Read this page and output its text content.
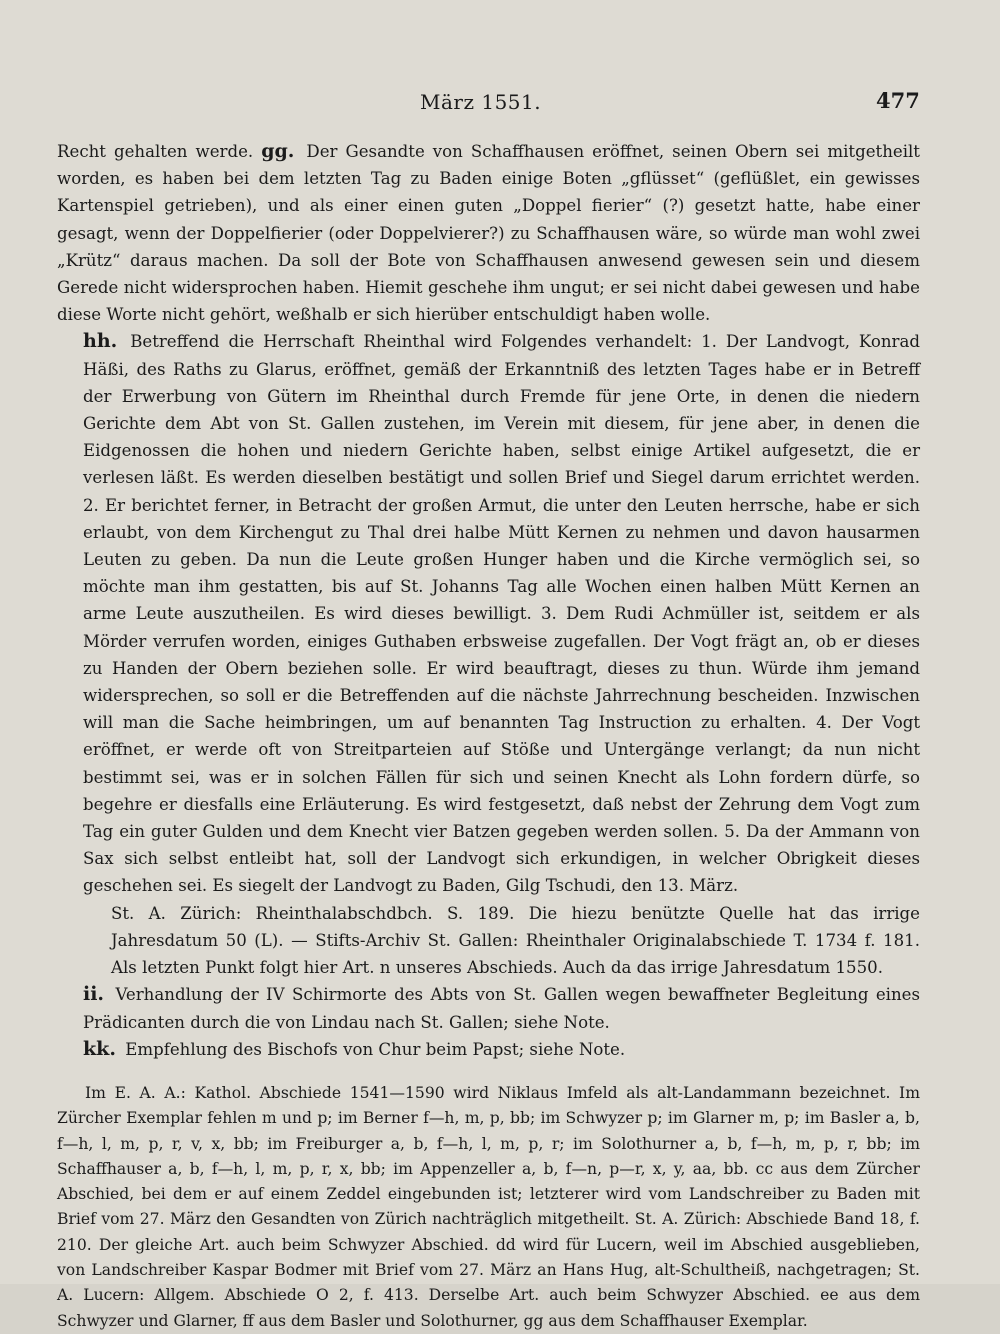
März 1551.	477

Recht gehalten werde. gg. Der Gesandte von Schaffhausen eröffnet, seinen Obern sei mitgetheilt worden, es haben bei dem letzten Tag zu Baden einige Boten „gflüsset“ (geflüßlet, ein gewisses Kartenspiel getrieben), und als einer einen guten „Doppel fierier“ (?) gesetzt hatte, habe einer gesagt, wenn der Doppelfierier (oder Doppelvierer?) zu Schaffhausen wäre, so würde man wohl zwei „Krütz“ daraus machen. Da soll der Bote von Schaffhausen anwesend gewesen sein und diesem Gerede nicht widersprochen haben. Hiemit geschehe ihm ungut; er sei nicht dabei gewesen und habe diese Worte nicht gehört, weßhalb er sich hierüber entschuldigt haben wolle.

hh. Betreffend die Herrschaft Rheinthal wird Folgendes verhandelt: 1. Der Landvogt, Konrad Häßi, des Raths zu Glarus, eröffnet, gemäß der Erkanntniß des letzten Tages habe er in Betreff der Erwerbung von Gütern im Rheinthal durch Fremde für jene Orte, in denen die niedern Gerichte dem Abt von St. Gallen zustehen, im Verein mit diesem, für jene aber, in denen die Eidgenossen die hohen und niedern Gerichte haben, selbst einige Artikel aufgesetzt, die er verlesen läßt. Es werden dieselben bestätigt und sollen Brief und Siegel darum errichtet werden. 2. Er berichtet ferner, in Betracht der großen Armut, die unter den Leuten herrsche, habe er sich erlaubt, von dem Kirchengut zu Thal drei halbe Mütt Kernen zu nehmen und davon hausarmen Leuten zu geben. Da nun die Leute großen Hunger haben und die Kirche vermöglich sei, so möchte man ihm gestatten, bis auf St. Johanns Tag alle Wochen einen halben Mütt Kernen an arme Leute auszutheilen. Es wird dieses bewilligt. 3. Dem Rudi Achmüller ist, seitdem er als Mörder verrufen worden, einiges Guthaben erbsweise zugefallen. Der Vogt frägt an, ob er dieses zu Handen der Obern beziehen solle. Er wird beauftragt, dieses zu thun. Würde ihm jemand widersprechen, so soll er die Betreffenden auf die nächste Jahrrechnung bescheiden. Inzwischen will man die Sache heimbringen, um auf benannten Tag Instruction zu erhalten. 4. Der Vogt eröffnet, er werde oft von Streitparteien auf Stöße und Untergänge verlangt; da nun nicht bestimmt sei, was er in solchen Fällen für sich und seinen Knecht als Lohn fordern dürfe, so begehre er diesfalls eine Erläuterung. Es wird festgesetzt, daß nebst der Zehrung dem Vogt zum Tag ein guter Gulden und dem Knecht vier Batzen gegeben werden sollen. 5. Da der Ammann von Sax sich selbst entleibt hat, soll der Landvogt sich erkundigen, in welcher Obrigkeit dieses geschehen sei. Es siegelt der Landvogt zu Baden, Gilg Tschudi, den 13. März.

St. A. Zürich: Rheinthalabschdbch. S. 189. Die hiezu benützte Quelle hat das irrige Jahresdatum 50 (L). — Stifts-Archiv St. Gallen: Rheinthaler Originalabschiede T. 1734 f. 181. Als letzten Punkt folgt hier Art. n unseres Abschieds. Auch da das irrige Jahresdatum 1550.

ii. Verhandlung der IV Schirmorte des Abts von St. Gallen wegen bewaffneter Begleitung eines Prädicanten durch die von Lindau nach St. Gallen; siehe Note.

kk. Empfehlung des Bischofs von Chur beim Papst; siehe Note.

Im E. A. A.: Kathol. Abschiede 1541—1590 wird Niklaus Imfeld als alt-Landammann bezeichnet. Im Zürcher Exemplar fehlen m und p; im Berner f—h, m, p, bb; im Schwyzer p; im Glarner m, p; im Basler a, b, f—h, l, m, p, r, v, x, bb; im Freiburger a, b, f—h, l, m, p, r; im Solothurner a, b, f—h, m, p, r, bb; im Schaffhauser a, b, f—h, l, m, p, r, x, bb; im Appenzeller a, b, f—n, p—r, x, y, aa, bb. cc aus dem Zürcher Abschied, bei dem er auf einem Zeddel eingebunden ist; letzterer wird vom Landschreiber zu Baden mit Brief vom 27. März den Gesandten von Zürich nachträglich mitgetheilt. St. A. Zürich: Abschiede Band 18, f. 210. Der gleiche Art. auch beim Schwyzer Abschied. dd wird für Lucern, weil im Abschied ausgeblieben, von Landschreiber Kaspar Bodmer mit Brief vom 27. März an Hans Hug, alt-Schultheiß, nachgetragen; St. A. Lucern: Allgem. Abschiede O 2, f. 413. Derselbe Art. auch beim Schwyzer Abschied. ee aus dem Schwyzer und Glarner, ff aus dem Basler und Solothurner, gg aus dem Schaffhauser Exemplar.
